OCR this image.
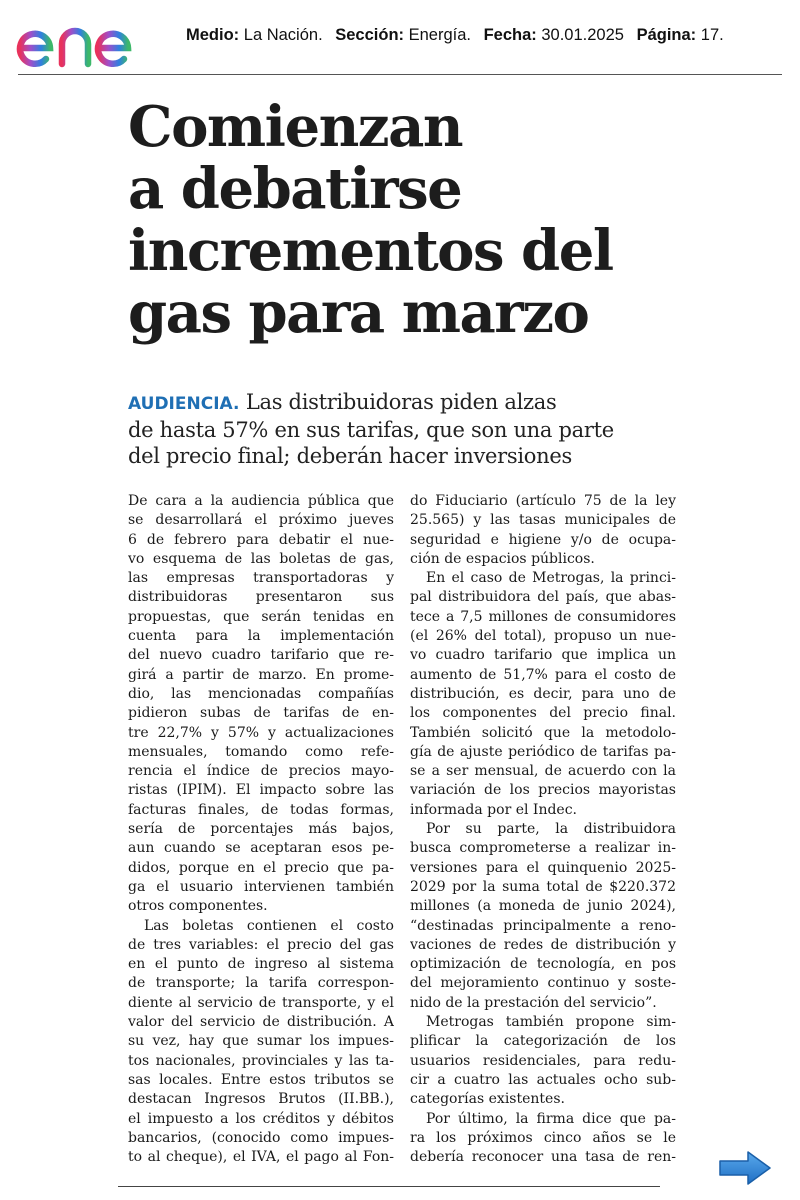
Medio: La Nación. Sección: Energía. Fecha: 30.01.2025 Página: 17.
Comienzan
a debatirse
incrementos del
gas para marzo

AUDIENCIA. Las distribuidoras piden alzas
de hasta 57% en sus tarifas, que son una parte
del precio final; deberán hacer inversiones

De cara a la audiencia pública que
se desarrollará el próximo jueves
6 de febrero para debatir el nue-
vo esquema de las boletas de gas,
las empresas transportadoras y
distribuidoras presentaron sus
propuestas, que serán tenidas en
cuenta para la implementación
del nuevo cuadro tarifario que re-
girá a partir de marzo. En prome-
dio, las mencionadas compañías
pidieron subas de tarifas de en-
tre 22,7% y 57% y actualizaciones
mensuales, tomando como refe-
rencia el índice de precios mayo-
ristas (IPIM). El impacto sobre las
facturas finales, de todas formas,
sería de porcentajes más bajos,
aun cuando se aceptaran esos pe-
didos, porque en el precio que pa-
ga el usuario intervienen también
otros componentes.
Las boletas contienen el costo
de tres variables: el precio del gas
en el punto de ingreso al sistema
de transporte; la tarifa correspon-
diente al servicio de transporte, y el
valor del servicio de distribución. A
su vez, hay que sumar los impues-
tos nacionales, provinciales y las ta-
sas locales. Entre estos tributos se
destacan Ingresos Brutos (II.BB.),
el impuesto a los créditos y débitos
bancarios, (conocido como impues-
to al cheque), el IVA, el pago al Fon-
do Fiduciario (artículo 75 de la ley
25.565) y las tasas municipales de
seguridad e higiene y/o de ocupa-
ción de espacios públicos.
En el caso de Metrogas, la princi-
pal distribuidora del país, que abas-
tece a 7,5 millones de consumidores
(el 26% del total), propuso un nue-
vo cuadro tarifario que implica un
aumento de 51,7% para el costo de
distribución, es decir, para uno de
los componentes del precio final.
También solicitó que la metodolo-
gía de ajuste periódico de tarifas pa-
se a ser mensual, de acuerdo con la
variación de los precios mayoristas
informada por el Indec.
Por su parte, la distribuidora
busca comprometerse a realizar in-
versiones para el quinquenio 2025-
2029 por la suma total de $220.372
millones (a moneda de junio 2024),
“destinadas principalmente a reno-
vaciones de redes de distribución y
optimización de tecnología, en pos
del mejoramiento continuo y soste-
nido de la prestación del servicio”.
Metrogas también propone sim-
plificar la categorización de los
usuarios residenciales, para redu-
cir a cuatro las actuales ocho sub-
categorías existentes.
Por último, la firma dice que pa-
ra los próximos cinco años se le
debería reconocer una tasa de ren-
